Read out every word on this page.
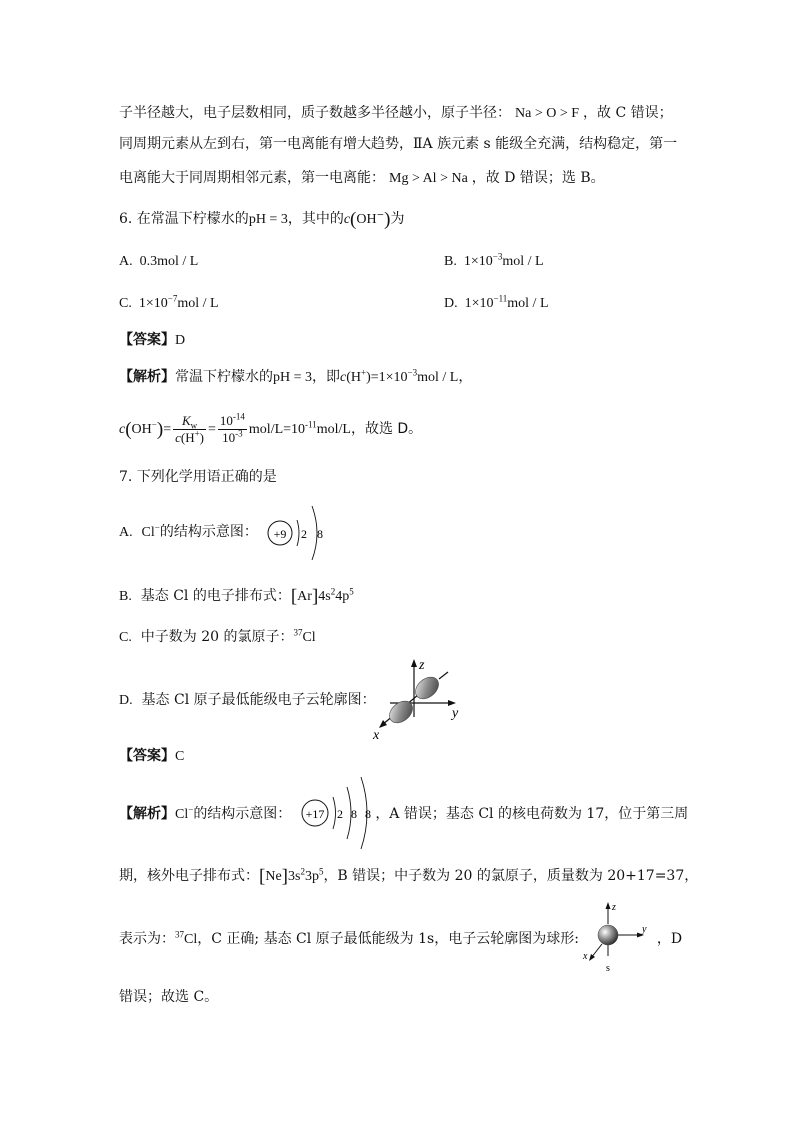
子半径越大，电子层数相同，质子数越多半径越小，原子半径： Na > O > F ，故 C 错误；
同周期元素从左到右，第一电离能有增大趋势，ⅡA 族元素 s 能级全充满，结构稳定，第一
电离能大于同周期相邻元素，第一电离能： Mg > Al > Na ，故 D 错误；选 B。
6. 在常温下柠檬水的pH = 3，其中的c(OH−)为
A. 0.3mol / L	B. $1\times 10^{-3}mol / L$
C. $1\times 10^{-7}mol / L$	D. $1\times 10^{-11}mol / L$
【答案】D
【解析】常温下柠檬水的pH = 3，即$c(H^+)=1\times 10^{-3}mol / L$，
$c(OH^-)= \frac{K_w}{c(H^+)} = \frac{10^{-14}}{10^{-3}} mol/L=10^{-11}mol/L$，故选 D。
7. 下列化学用语正确的是
A. Cl−的结构示意图： +9 2 8
B. 基态 Cl 的电子排布式：$[Ar]4s^24p^5$
C. 中子数为 20 的氯原子：$^{37}$Cl
D. 基态 Cl 原子最低能级电子云轮廓图：
z
y
x
【答案】C
【解析】Cl−的结构示意图：	，A 错误；基态 Cl 的核电荷数为 17，位于第三周
+17 2 8 8
期，核外电子排布式：$[Ne]3s^23p^5$，B 错误；中子数为 20 的氯原子，质量数为 20+17=37，
表示为：$^{37}$Cl，C 正确; 基态 Cl 原子最低能级为 1s，电子云轮廓图为球形:	，D
z
y
x
s
错误；故选 C。
